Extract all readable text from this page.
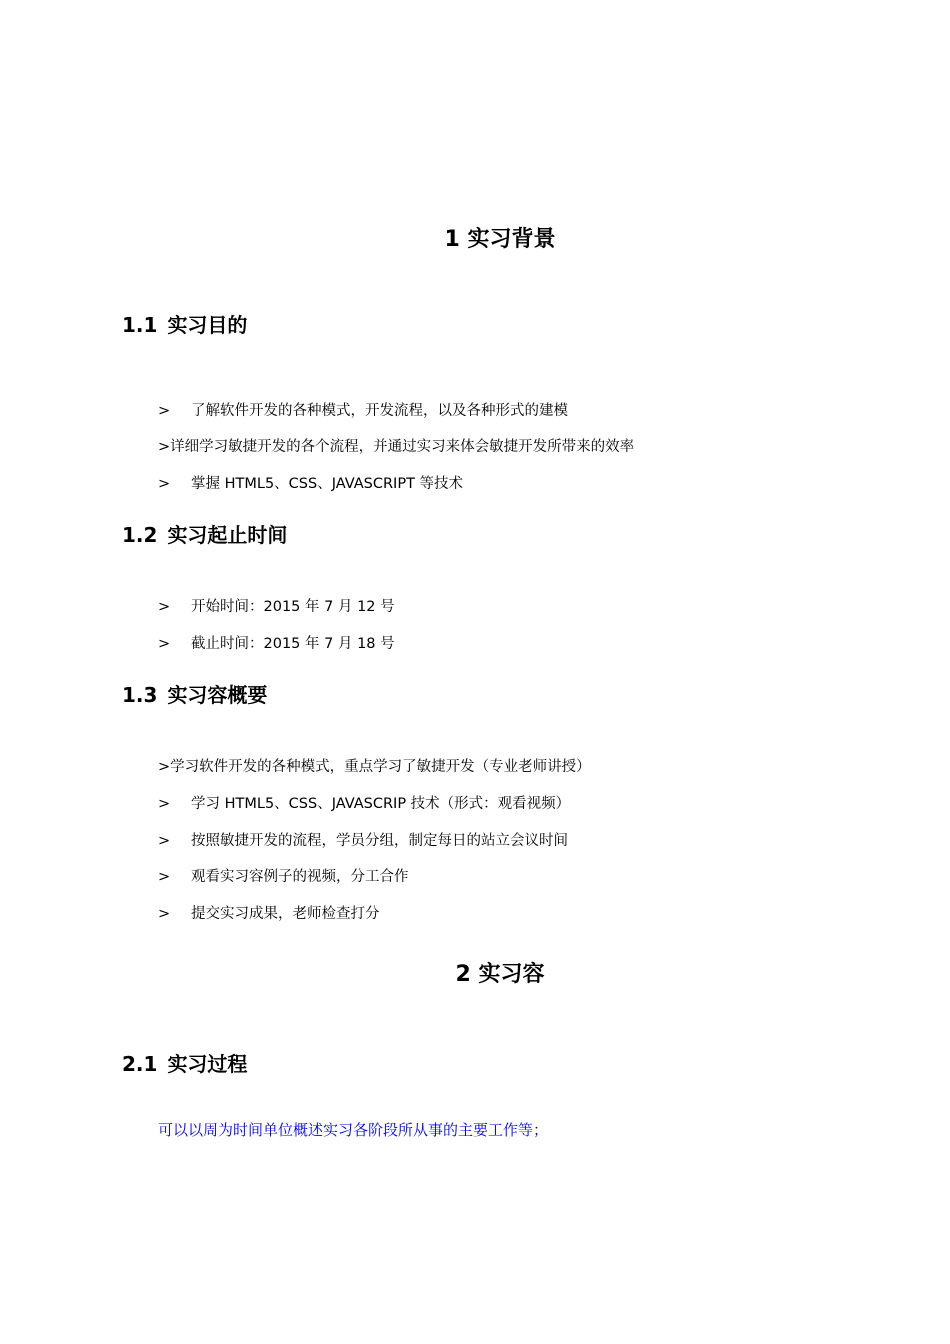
1 实习背景
1.1 实习目的
> 了解软件开发的各种模式，开发流程，以及各种形式的建模
>详细学习敏捷开发的各个流程，并通过实习来体会敏捷开发所带来的效率
> 掌握 HTML5、CSS、JAVASCRIPT 等技术
1.2 实习起止时间
> 开始时间：2015 年 7 月 12 号
> 截止时间：2015 年 7 月 18 号
1.3 实习容概要
>学习软件开发的各种模式，重点学习了敏捷开发（专业老师讲授）
> 学习 HTML5、CSS、JAVASCRIP 技术（形式：观看视频）
> 按照敏捷开发的流程，学员分组，制定每日的站立会议时间
> 观看实习容例子的视频，分工合作
> 提交实习成果，老师检查打分
2 实习容
2.1 实习过程
可以以周为时间单位概述实习各阶段所从事的主要工作等；
